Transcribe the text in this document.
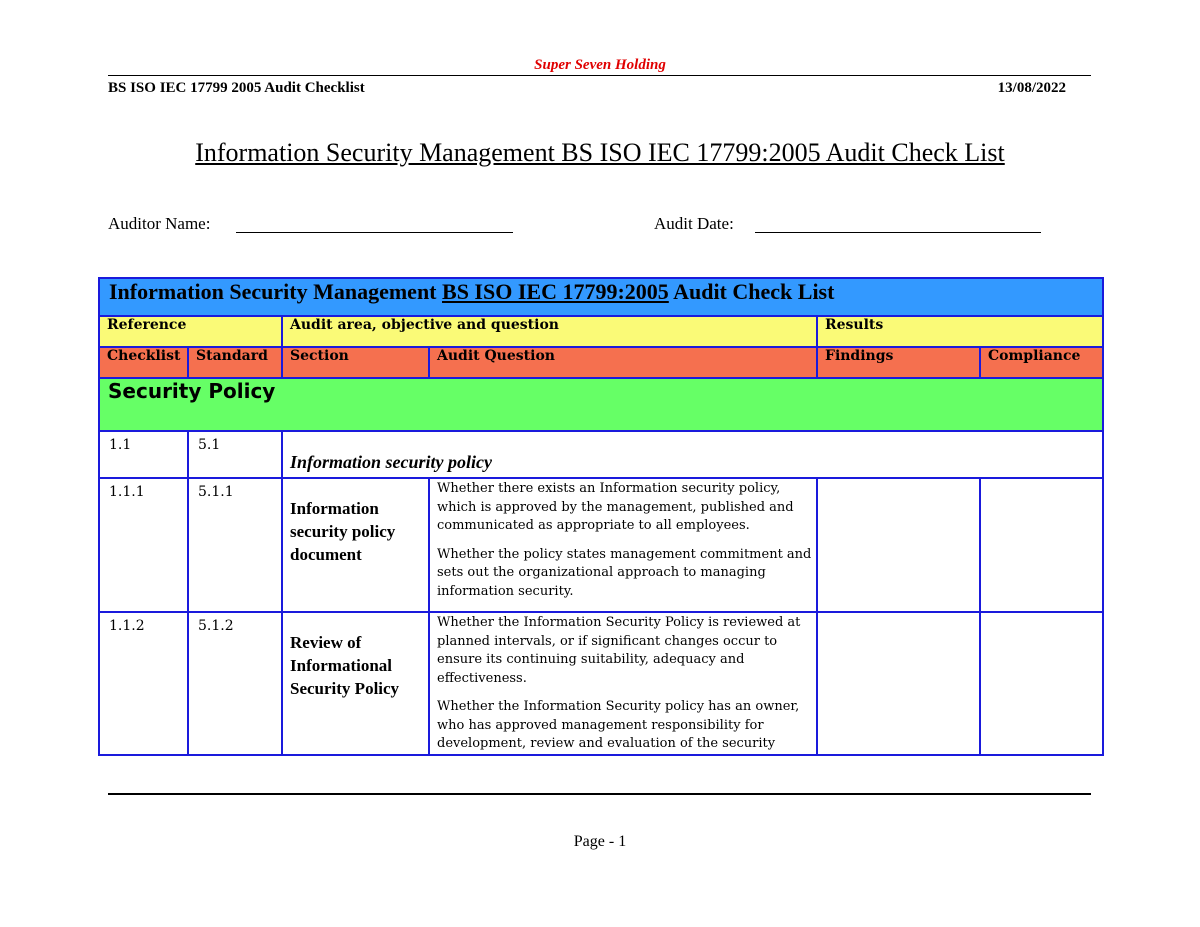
Super Seven Holding
BS ISO IEC 17799 2005 Audit Checklist	13/08/2022
Information Security Management BS ISO IEC 17799:2005 Audit Check List
Auditor Name:	Audit Date:
Information Security Management BS ISO IEC 17799:2005 Audit Check List					

Reference		Audit area, objective and question		Results	

Checklist	Standard	Section	Audit Question	Findings	Compliance

Security Policy					

1.1	5.1	Information security policy			

1.1.1	5.1.1	Information security policy document	Whether there exists an Information security policy, which is approved by the management, published and communicated as appropriate to all employees.
Whether the policy states management commitment and sets out the organizational approach to managing information security.		

1.1.2	5.1.2	Review of Informational Security Policy	Whether the Information Security Policy is reviewed at planned intervals, or if significant changes occur to ensure its continuing suitability, adequacy and effectiveness.
Whether the Information Security policy has an owner, who has approved management responsibility for development, review and evaluation of the security		

Page - 1
